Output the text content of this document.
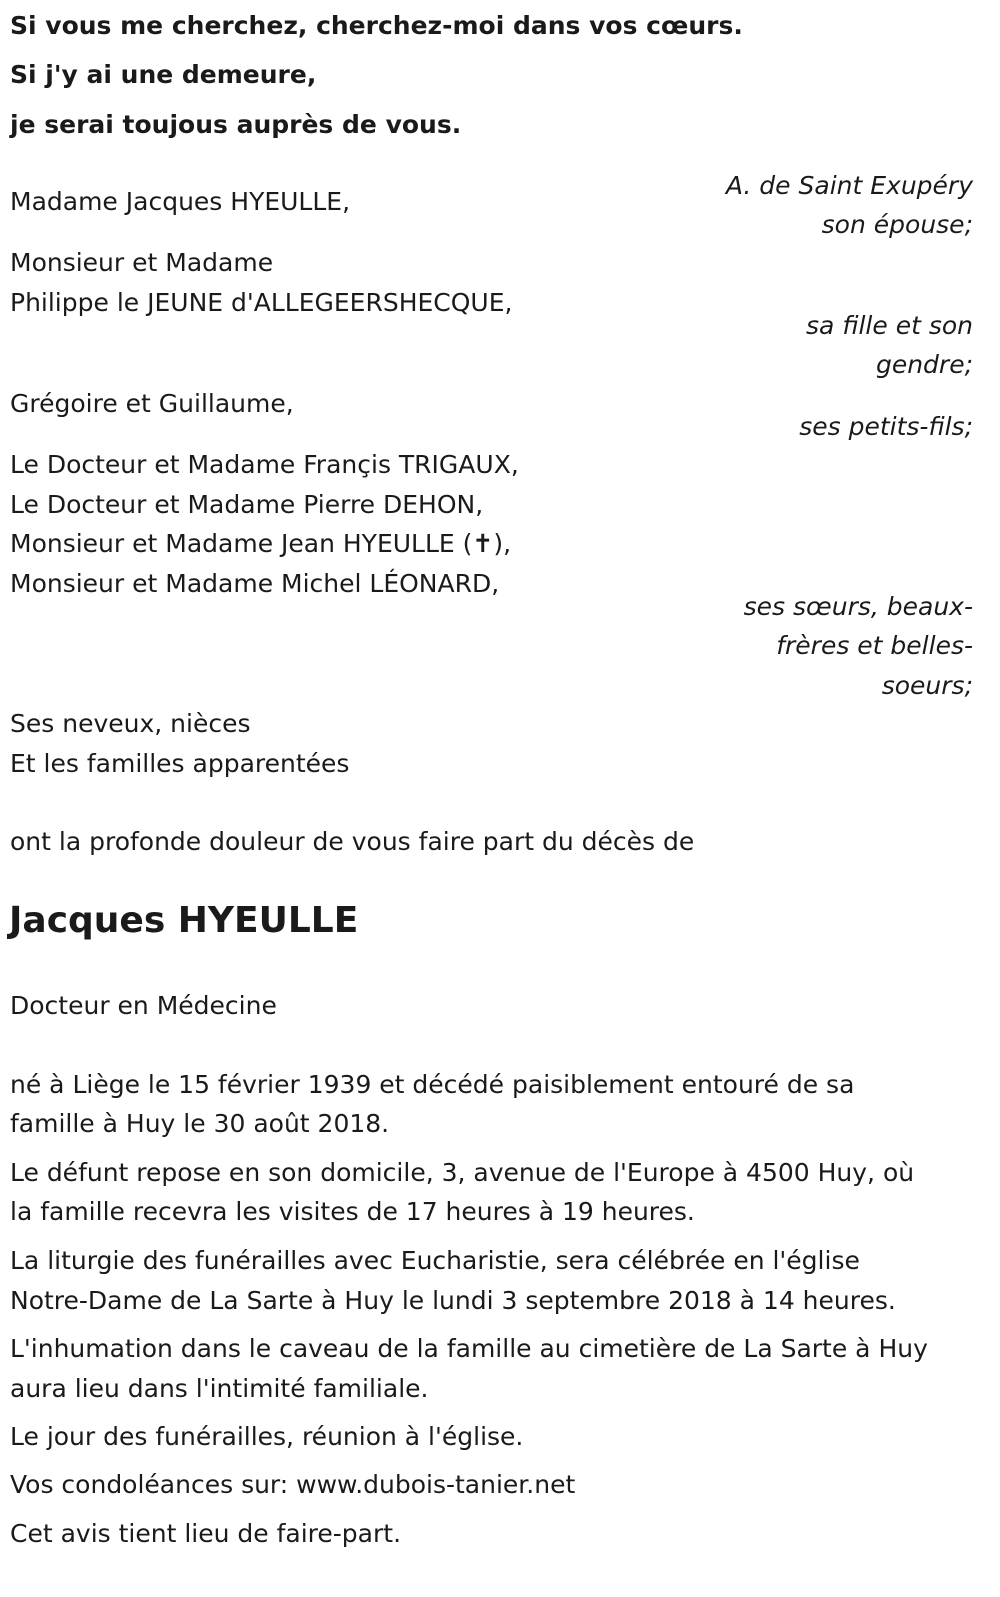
Si vous me cherchez, cherchez-moi dans vos cœurs.
Si j'y ai une demeure,
je serai toujous auprès de vous.
A. de Saint Exupéry
Madame Jacques HYEULLE,
son épouse;
Monsieur et Madame
Philippe le JEUNE d'ALLEGEERSHECQUE,
sa fille et son
gendre;
Grégoire et Guillaume,
ses petits-fils;
Le Docteur et Madame Françis TRIGAUX,
Le Docteur et Madame Pierre DEHON,
Monsieur et Madame Jean HYEULLE (✝),
Monsieur et Madame Michel LÉONARD,
ses sœurs, beaux-
frères et belles-
soeurs;
Ses neveux, nièces
Et les familles apparentées
ont la profonde douleur de vous faire part du décès de
Jacques HYEULLE
Docteur en Médecine
né à Liège le 15 février 1939 et décédé paisiblement entouré de sa
famille à Huy le 30 août 2018.
Le défunt repose en son domicile, 3, avenue de l'Europe à 4500 Huy, où
la famille recevra les visites de 17 heures à 19 heures.
La liturgie des funérailles avec Eucharistie, sera célébrée en l'église
Notre-Dame de La Sarte à Huy le lundi 3 septembre 2018 à 14 heures.
L'inhumation dans le caveau de la famille au cimetière de La Sarte à Huy
aura lieu dans l'intimité familiale.
Le jour des funérailles, réunion à l'église.
Vos condoléances sur: www.dubois-tanier.net
Cet avis tient lieu de faire-part.
